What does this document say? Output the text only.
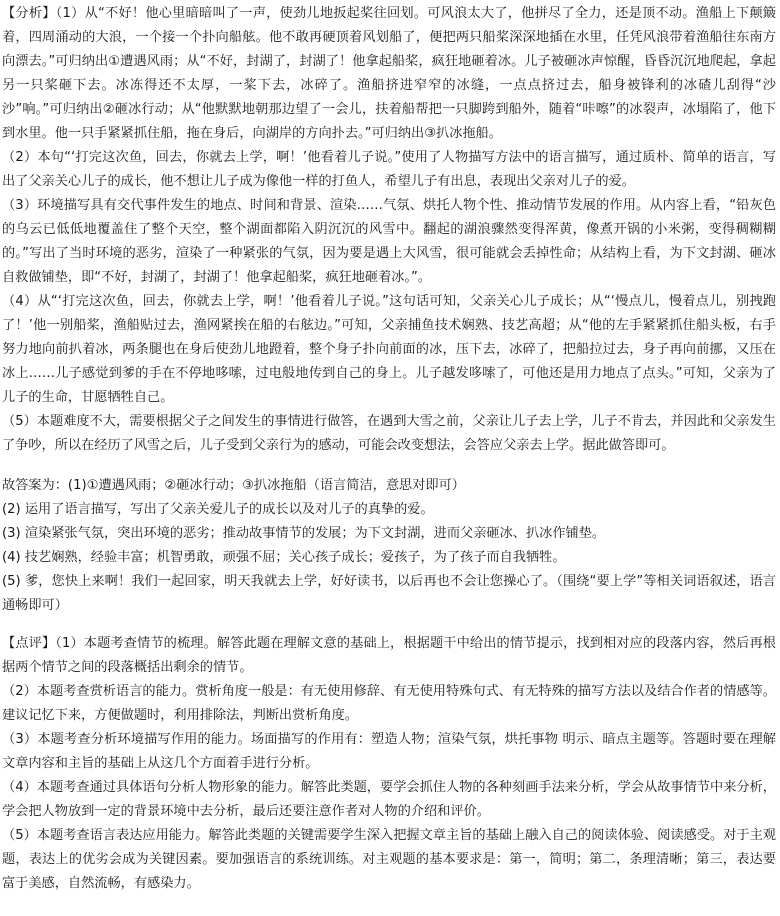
【分析】（1）从“不好！他心里暗暗叫了一声，使劲儿地扳起桨往回划。可风浪太大了，他拼尽了全力，还是顶不动。渔船上下颠簸着，四周涌动的大浪，一个接一个扑向船舷。他不敢再硬顶着风划船了，便把两只船桨深深地插在水里，任凭风浪带着渔船往东南方向漂去。”可归纳出①遭遇风雨；从“不好，封湖了，封湖了！他拿起船桨，疯狂地砸着冰。儿子被砸冰声惊醒，昏昏沉沉地爬起，拿起另一只桨砸下去。冰冻得还不太厚，一桨下去，冰碎了。渔船挤进窄窄的冰缝，一点点挤过去，船身被锋利的冰碴儿刮得“沙沙”响。”可归纳出②砸冰行动；从“他默默地朝那边望了一会儿，扶着船帮把一只脚跨到船外，随着“咔嚓”的冰裂声，冰塌陷了，他下到水里。他一只手紧紧抓住船，拖在身后，向湖岸的方向扑去。”可归纳出③扒冰拖船。

（2）本句“‘打完这次鱼，回去，你就去上学，啊！’他看着儿子说。”使用了人物描写方法中的语言描写，通过质朴、简单的语言，写出了父亲关心儿子的成长，他不想让儿子成为像他一样的打鱼人，希望儿子有出息，表现出父亲对儿子的爱。

（3）环境描写具有交代事件发生的地点、时间和背景、渲染……气氛、烘托人物个性、推动情节发展的作用。从内容上看，“铅灰色的乌云已低低地覆盖住了整个天空，整个湖面都陷入阴沉沉的风雪中。翻起的湖浪骤然变得浑黄，像煮开锅的小米粥，变得稠糊糊的。”写出了当时环境的恶劣，渲染了一种紧张的气氛，因为要是遇上大风雪，很可能就会丢掉性命；从结构上看，为下文封湖、砸冰自救做铺垫，即“不好，封湖了，封湖了！他拿起船桨，疯狂地砸着冰。”。

（4）从“‘打完这次鱼，回去，你就去上学，啊！’他看着儿子说。”这句话可知，父亲关心儿子成长；从“‘慢点儿，慢着点儿，别拽跑了！’他一别船桨，渔船贴过去，渔网紧挨在船的右舷边。”可知，父亲捕鱼技术娴熟、技艺高超；从“他的左手紧紧抓住船头板，右手努力地向前扒着冰，两条腿也在身后使劲儿地蹬着，整个身子扑向前面的冰，压下去，冰碎了，把船拉过去，身子再向前挪，又压在冰上……儿子感觉到爹的手在不停地哆嗦，过电般地传到自己的身上。儿子越发哆嗦了，可他还是用力地点了点头。”可知，父亲为了儿子的生命，甘愿牺牲自己。

（5）本题难度不大，需要根据父子之间发生的事情进行做答，在遇到大雪之前，父亲让儿子去上学，儿子不肯去，并因此和父亲发生了争吵，所以在经历了风雪之后，儿子受到父亲行为的感动，可能会改变想法，会答应父亲去上学。据此做答即可。

故答案为：(1)①遭遇风雨；②砸冰行动；③扒冰拖船（语言简洁，意思对即可）

(2) 运用了语言描写，写出了父亲关爱儿子的成长以及对儿子的真挚的爱。

(3) 渲染紧张气氛，突出环境的恶劣；推动故事情节的发展；为下文封湖，进而父亲砸冰、扒冰作铺垫。

(4) 技艺娴熟，经验丰富；机智勇敢，顽强不屈；关心孩子成长；爱孩子，为了孩子而自我牺牲。

(5) 爹，您快上来啊！我们一起回家，明天我就去上学，好好读书，以后再也不会让您操心了。（围绕“要上学”等相关词语叙述，语言通畅即可）

【点评】（1）本题考查情节的梳理。解答此题在理解文意的基础上，根据题干中给出的情节提示，找到相对应的段落内容，然后再根据两个情节之间的段落概括出剩余的情节。

（2）本题考查赏析语言的能力。赏析角度一般是：有无使用修辞、有无使用特殊句式、有无特殊的描写方法以及结合作者的情感等。建议记忆下来，方便做题时，利用排除法，判断出赏析角度。

（3）本题考查分析环境描写作用的能力。场面描写的作用有：塑造人物；渲染气氛，烘托事物 明示、暗点主题等。答题时要在理解文章内容和主旨的基础上从这几个方面着手进行分析。

（4）本题考查通过具体语句分析人物形象的能力。解答此类题，要学会抓住人物的各种刻画手法来分析，学会从故事情节中来分析，学会把人物放到一定的背景环境中去分析，最后还要注意作者对人物的介绍和评价。

（5）本题考查语言表达应用能力。解答此类题的关键需要学生深入把握文章主旨的基础上融入自己的阅读体验、阅读感受。对于主观题，表达上的优劣会成为关键因素。要加强语言的系统训练。对主观题的基本要求是：第一，简明；第二，条理清晰；第三，表达要富于美感，自然流畅，有感染力。
